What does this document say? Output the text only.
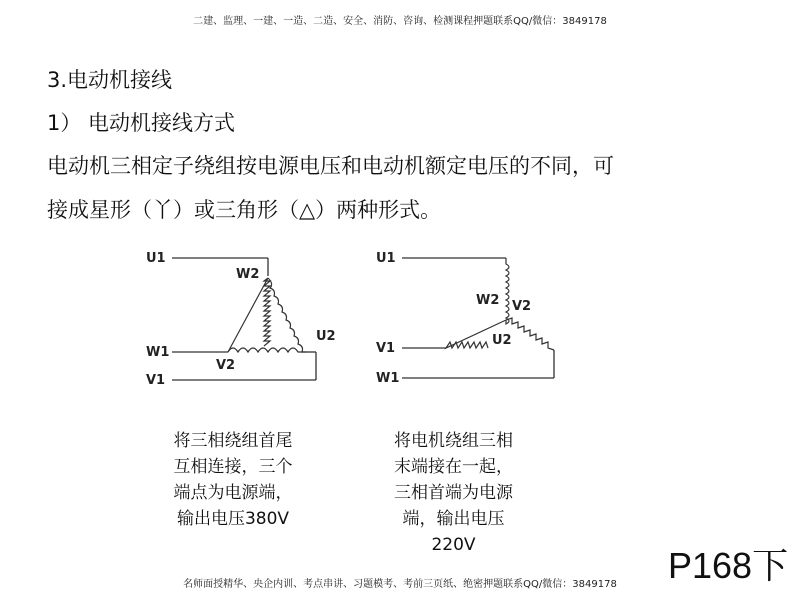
二建、监理、一建、一造、二造、安全、消防、咨询、检测课程押题联系QQ/微信：3849178
3.电动机接线
1） 电动机接线方式
电动机三相定子绕组按电源电压和电动机额定电压的不同，可
接成星形（丫）或三角形（△）两种形式。
U1
W1
V1
W2
U2
V2
U1
V1
W1
W2 V2
U2
将三相绕组首尾
互相连接，三个
端点为电源端，
输出电压380V
将电机绕组三相
末端接在一起，
三相首端为电源
端，输出电压
220V	P168下
名师面授精华、央企内训、考点串讲、习题模考、考前三页纸、绝密押题联系QQ/微信：3849178
